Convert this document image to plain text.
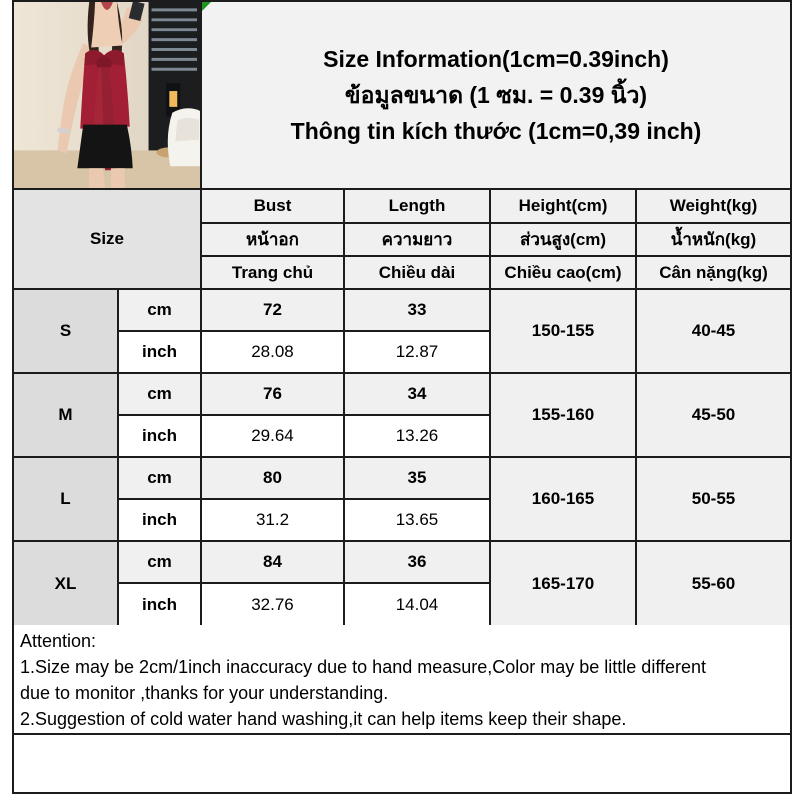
Size Information(1cm=0.39inch)
ข้อมูลขนาด (1 ซม. = 0.39 นิ้ว)
Thông tin kích thước (1cm=0,39 inch)
Size		Bust	Length	Height(cm)	Weight(kg)
		หน้าอก	ความยาว	ส่วนสูง(cm)	น้ำหนัก(kg)
		Trang chủ	Chiều dài	Chiều cao(cm)	Cân nặng(kg)
S	cm	72	33	150-155	40-45
	inch	28.08	12.87		
M	cm	76	34	155-160	45-50
	inch	29.64	13.26		
L	cm	80	35	160-165	50-55
	inch	31.2	13.65		
XL	cm	84	36	165-170	55-60
	inch	32.76	14.04		
Attention:
1.Size may be 2cm/1inch inaccuracy due to hand measure,Color may be little different
due to monitor ,thanks for your understanding.
2.Suggestion of cold water hand washing,it can help items keep their shape.
